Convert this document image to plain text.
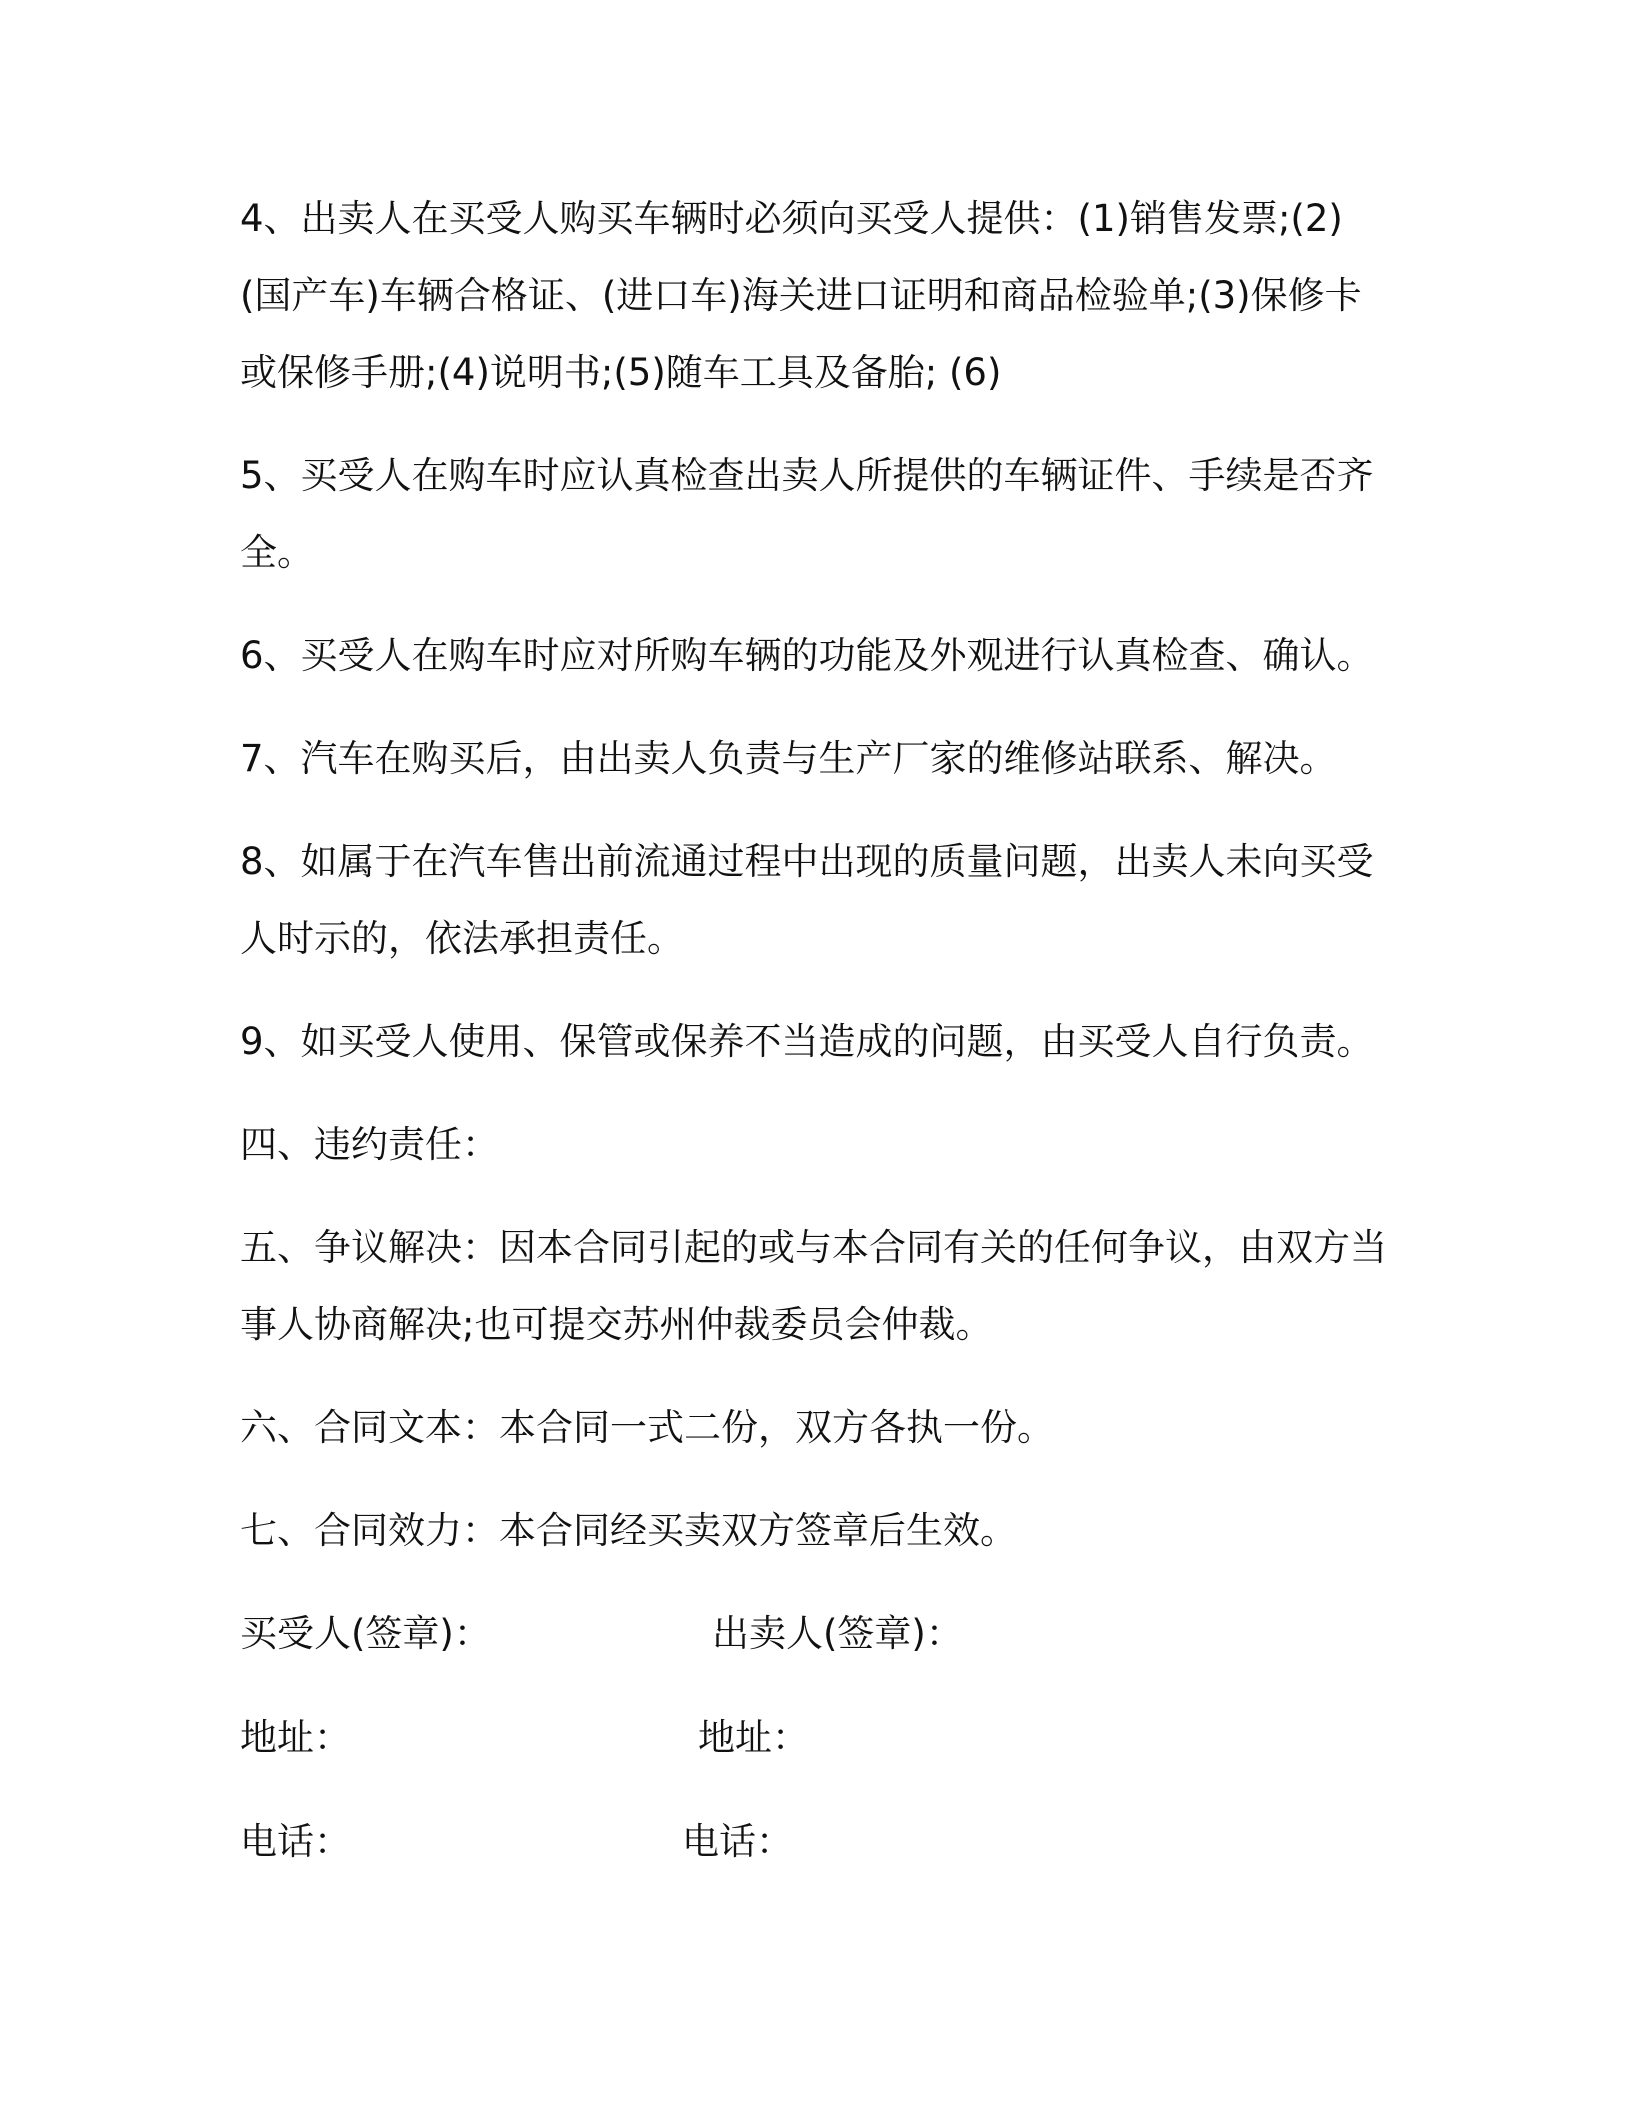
4、出卖人在买受人购买车辆时必须向买受人提供：(1)销售发票;(2)(国产车)车辆合格证、(进口车)海关进口证明和商品检验单;(3)保修卡或保修手册;(4)说明书;(5)随车工具及备胎; (6)

5、买受人在购车时应认真检查出卖人所提供的车辆证件、手续是否齐全。

6、买受人在购车时应对所购车辆的功能及外观进行认真检查、确认。

7、汽车在购买后，由出卖人负责与生产厂家的维修站联系、解决。

8、如属于在汽车售出前流通过程中出现的质量问题，出卖人未向买受人时示的，依法承担责任。

9、如买受人使用、保管或保养不当造成的问题，由买受人自行负责。

四、违约责任：

五、争议解决：因本合同引起的或与本合同有关的任何争议，由双方当事人协商解决;也可提交苏州仲裁委员会仲裁。

六、合同文本：本合同一式二份，双方各执一份。

七、合同效力：本合同经买卖双方签章后生效。

买受人(签章)：	出卖人(签章)：
地址：	地址：
电话：	电话：
